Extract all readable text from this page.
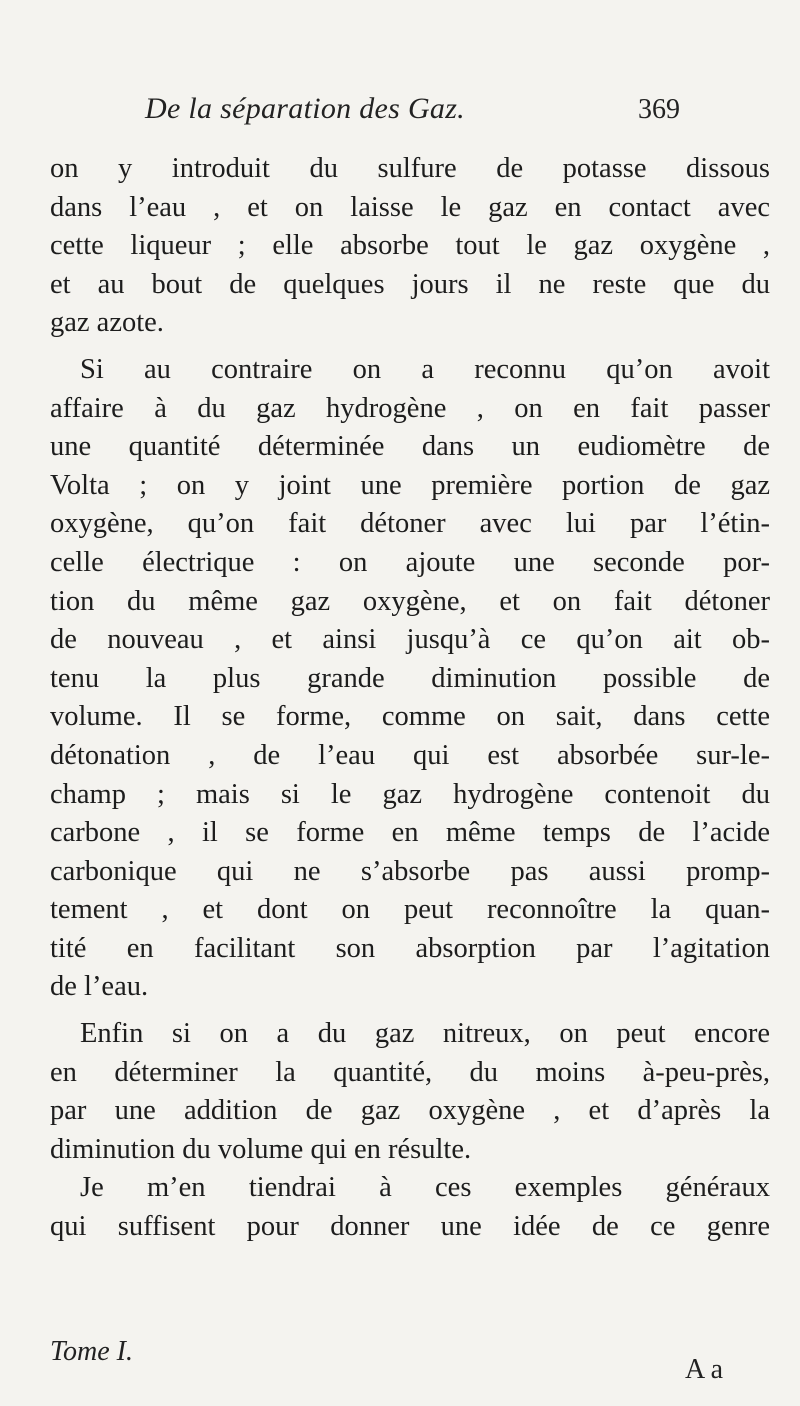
De la séparation des Gaz.	369
on y introduit du sulfure de potasse dissous
dans l’eau , et on laisse le gaz en contact avec
cette liqueur ; elle absorbe tout le gaz oxygène ,
et au bout de quelques jours il ne reste que du
gaz azote.
Si au contraire on a reconnu qu’on avoit
affaire à du gaz hydrogène , on en fait passer
une quantité déterminée dans un eudiomètre de
Volta ; on y joint une première portion de gaz
oxygène, qu’on fait détoner avec lui par l’étin-
celle électrique : on ajoute une seconde por-
tion du même gaz oxygène, et on fait détoner
de nouveau , et ainsi jusqu’à ce qu’on ait ob-
tenu la plus grande diminution possible de
volume. Il se forme, comme on sait, dans cette
détonation , de l’eau qui est absorbée sur-le-
champ ; mais si le gaz hydrogène contenoit du
carbone , il se forme en même temps de l’acide
carbonique qui ne s’absorbe pas aussi promp-
tement , et dont on peut reconnoître la quan-
tité en facilitant son absorption par l’agitation
de l’eau.
Enfin si on a du gaz nitreux, on peut encore
en déterminer la quantité, du moins à-peu-près,
par une addition de gaz oxygène , et d’après la
diminution du volume qui en résulte.
Je m’en tiendrai à ces exemples généraux
qui suffisent pour donner une idée de ce genre
Tome I.
A a
